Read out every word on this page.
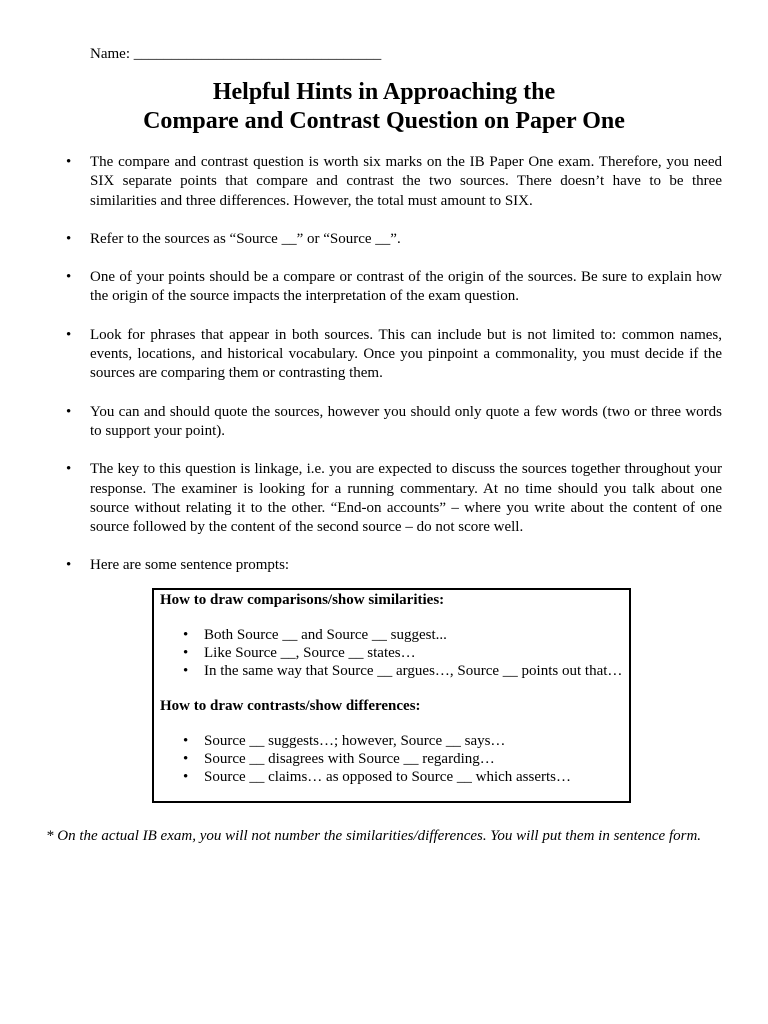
Name: _________________________________
Helpful Hints in Approaching the
Compare and Contrast Question on Paper One
• The compare and contrast question is worth six marks on the IB Paper One exam. Therefore, you need SIX separate points that compare and contrast the two sources. There doesn’t have to be three similarities and three differences. However, the total must amount to SIX.
• Refer to the sources as “Source __” or “Source __”.
• One of your points should be a compare or contrast of the origin of the sources. Be sure to explain how the origin of the source impacts the interpretation of the exam question.
• Look for phrases that appear in both sources. This can include but is not limited to: common names, events, locations, and historical vocabulary. Once you pinpoint a commonality, you must decide if the sources are comparing them or contrasting them.
• You can and should quote the sources, however you should only quote a few words (two or three words to support your point).
• The key to this question is linkage, i.e. you are expected to discuss the sources together throughout your response. The examiner is looking for a running commentary. At no time should you talk about one source without relating it to the other. “End-on accounts” – where you write about the content of one source followed by the content of the second source – do not score well.
• Here are some sentence prompts:

How to draw comparisons/show similarities:

• Both Source __ and Source __ suggest...
• Like Source __, Source __ states…
• In the same way that Source __ argues…, Source __ points out that…

How to draw contrasts/show differences:

• Source __ suggests…; however, Source __ says…
• Source __ disagrees with Source __ regarding…
• Source __ claims… as opposed to Source __ which asserts…
* On the actual IB exam, you will not number the similarities/differences. You will put them in sentence form.
